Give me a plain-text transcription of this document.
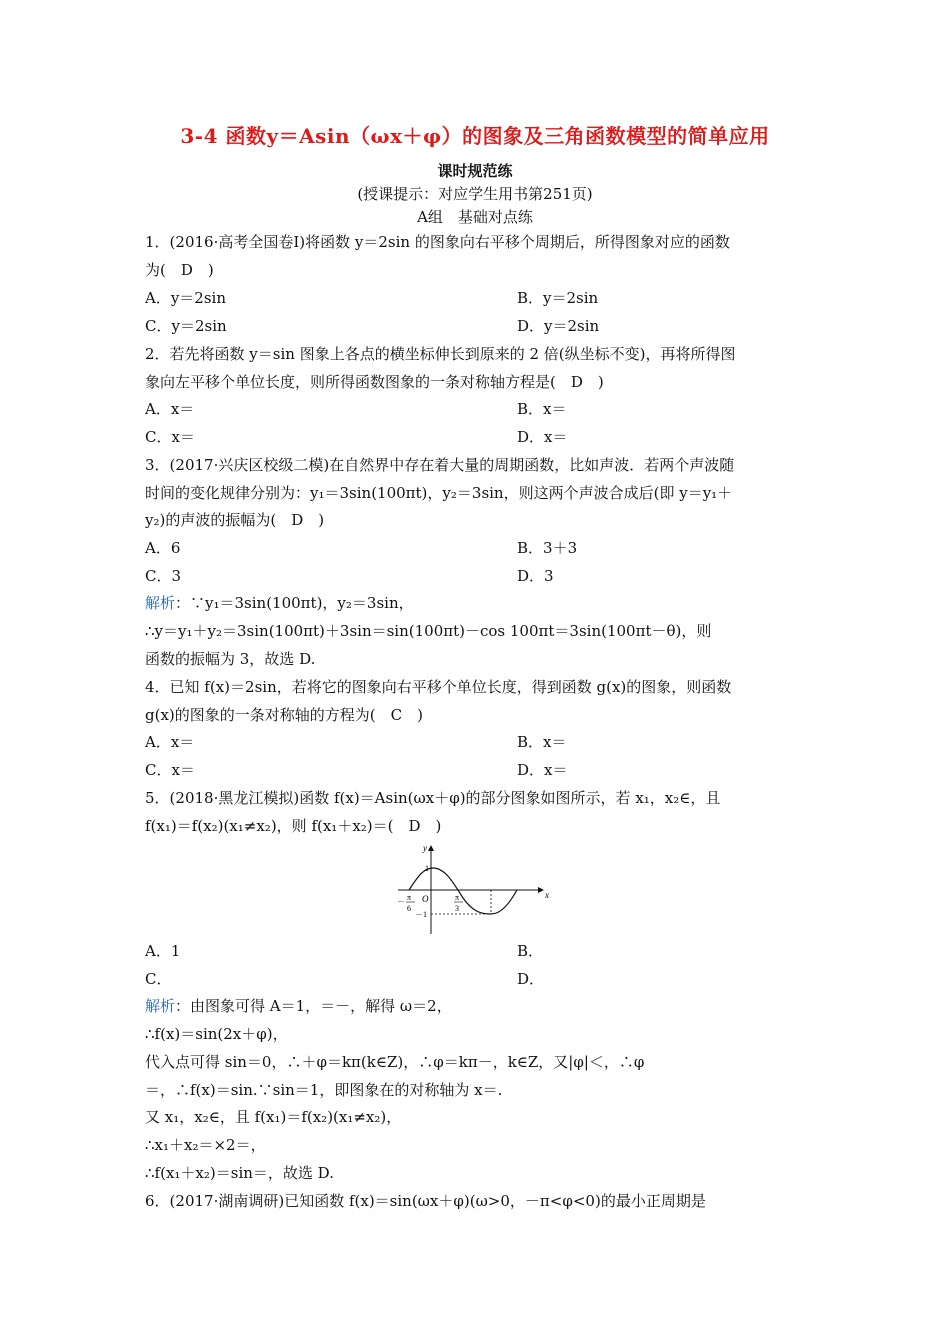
3-4 函数y＝Asin（ωx＋φ）的图象及三角函数模型的简单应用
课时规范练
(授课提示：对应学生用书第251页)
A组　基础对点练
1．(2016·高考全国卷Ⅰ)将函数 y＝2sin 的图象向右平移个周期后，所得图象对应的函数
为(　D　)
A．y＝2sin	B．y＝2sin
C．y＝2sin	D．y＝2sin
2．若先将函数 y＝sin 图象上各点的横坐标伸长到原来的 2 倍(纵坐标不变)，再将所得图
象向左平移个单位长度，则所得函数图象的一条对称轴方程是(　D　)
A．x＝	B．x＝
C．x＝	D．x＝
3．(2017·兴庆区校级二模)在自然界中存在着大量的周期函数，比如声波．若两个声波随
时间的变化规律分别为：y₁＝3sin(100πt)，y₂＝3sin，则这两个声波合成后(即 y＝y₁＋
y₂)的声波的振幅为(　D　)
A．6	B．3＋3
C．3	D．3
解析：∵y₁＝3sin(100πt)，y₂＝3sin，
∴y＝y₁＋y₂＝3sin(100πt)＋3sin＝sin(100πt)－cos 100πt＝3sin(100πt－θ)，则
函数的振幅为 3，故选 D.
4．已知 f(x)＝2sin，若将它的图象向右平移个单位长度，得到函数 g(x)的图象，则函数
g(x)的图象的一条对称轴的方程为(　C　)
A．x＝	B．x＝
C．x＝	D．x＝
5．(2018·黑龙江模拟)函数 f(x)＝Asin(ωx＋φ)的部分图象如图所示，若 x₁，x₂∈，且
f(x₁)＝f(x₂)(x₁≠x₂)，则 f(x₁＋x₂)＝(　D　)
y
x
O
1
－1
－ π
6
π
3
A．1	B．
C．	D．
解析：由图象可得 A＝1，＝－，解得 ω＝2，
∴f(x)＝sin(2x＋φ)，
代入点可得 sin＝0，∴＋φ＝kπ(k∈Z)，∴φ＝kπ－，k∈Z，又|φ|＜，∴φ
＝，∴f(x)＝sin.∵sin＝1，即图象在的对称轴为 x＝.
又 x₁，x₂∈，且 f(x₁)＝f(x₂)(x₁≠x₂)，
∴x₁＋x₂＝×2＝，
∴f(x₁＋x₂)＝sin＝，故选 D.
6．(2017·湖南调研)已知函数 f(x)＝sin(ωx＋φ)(ω>0，－π<φ<0)的最小正周期是
